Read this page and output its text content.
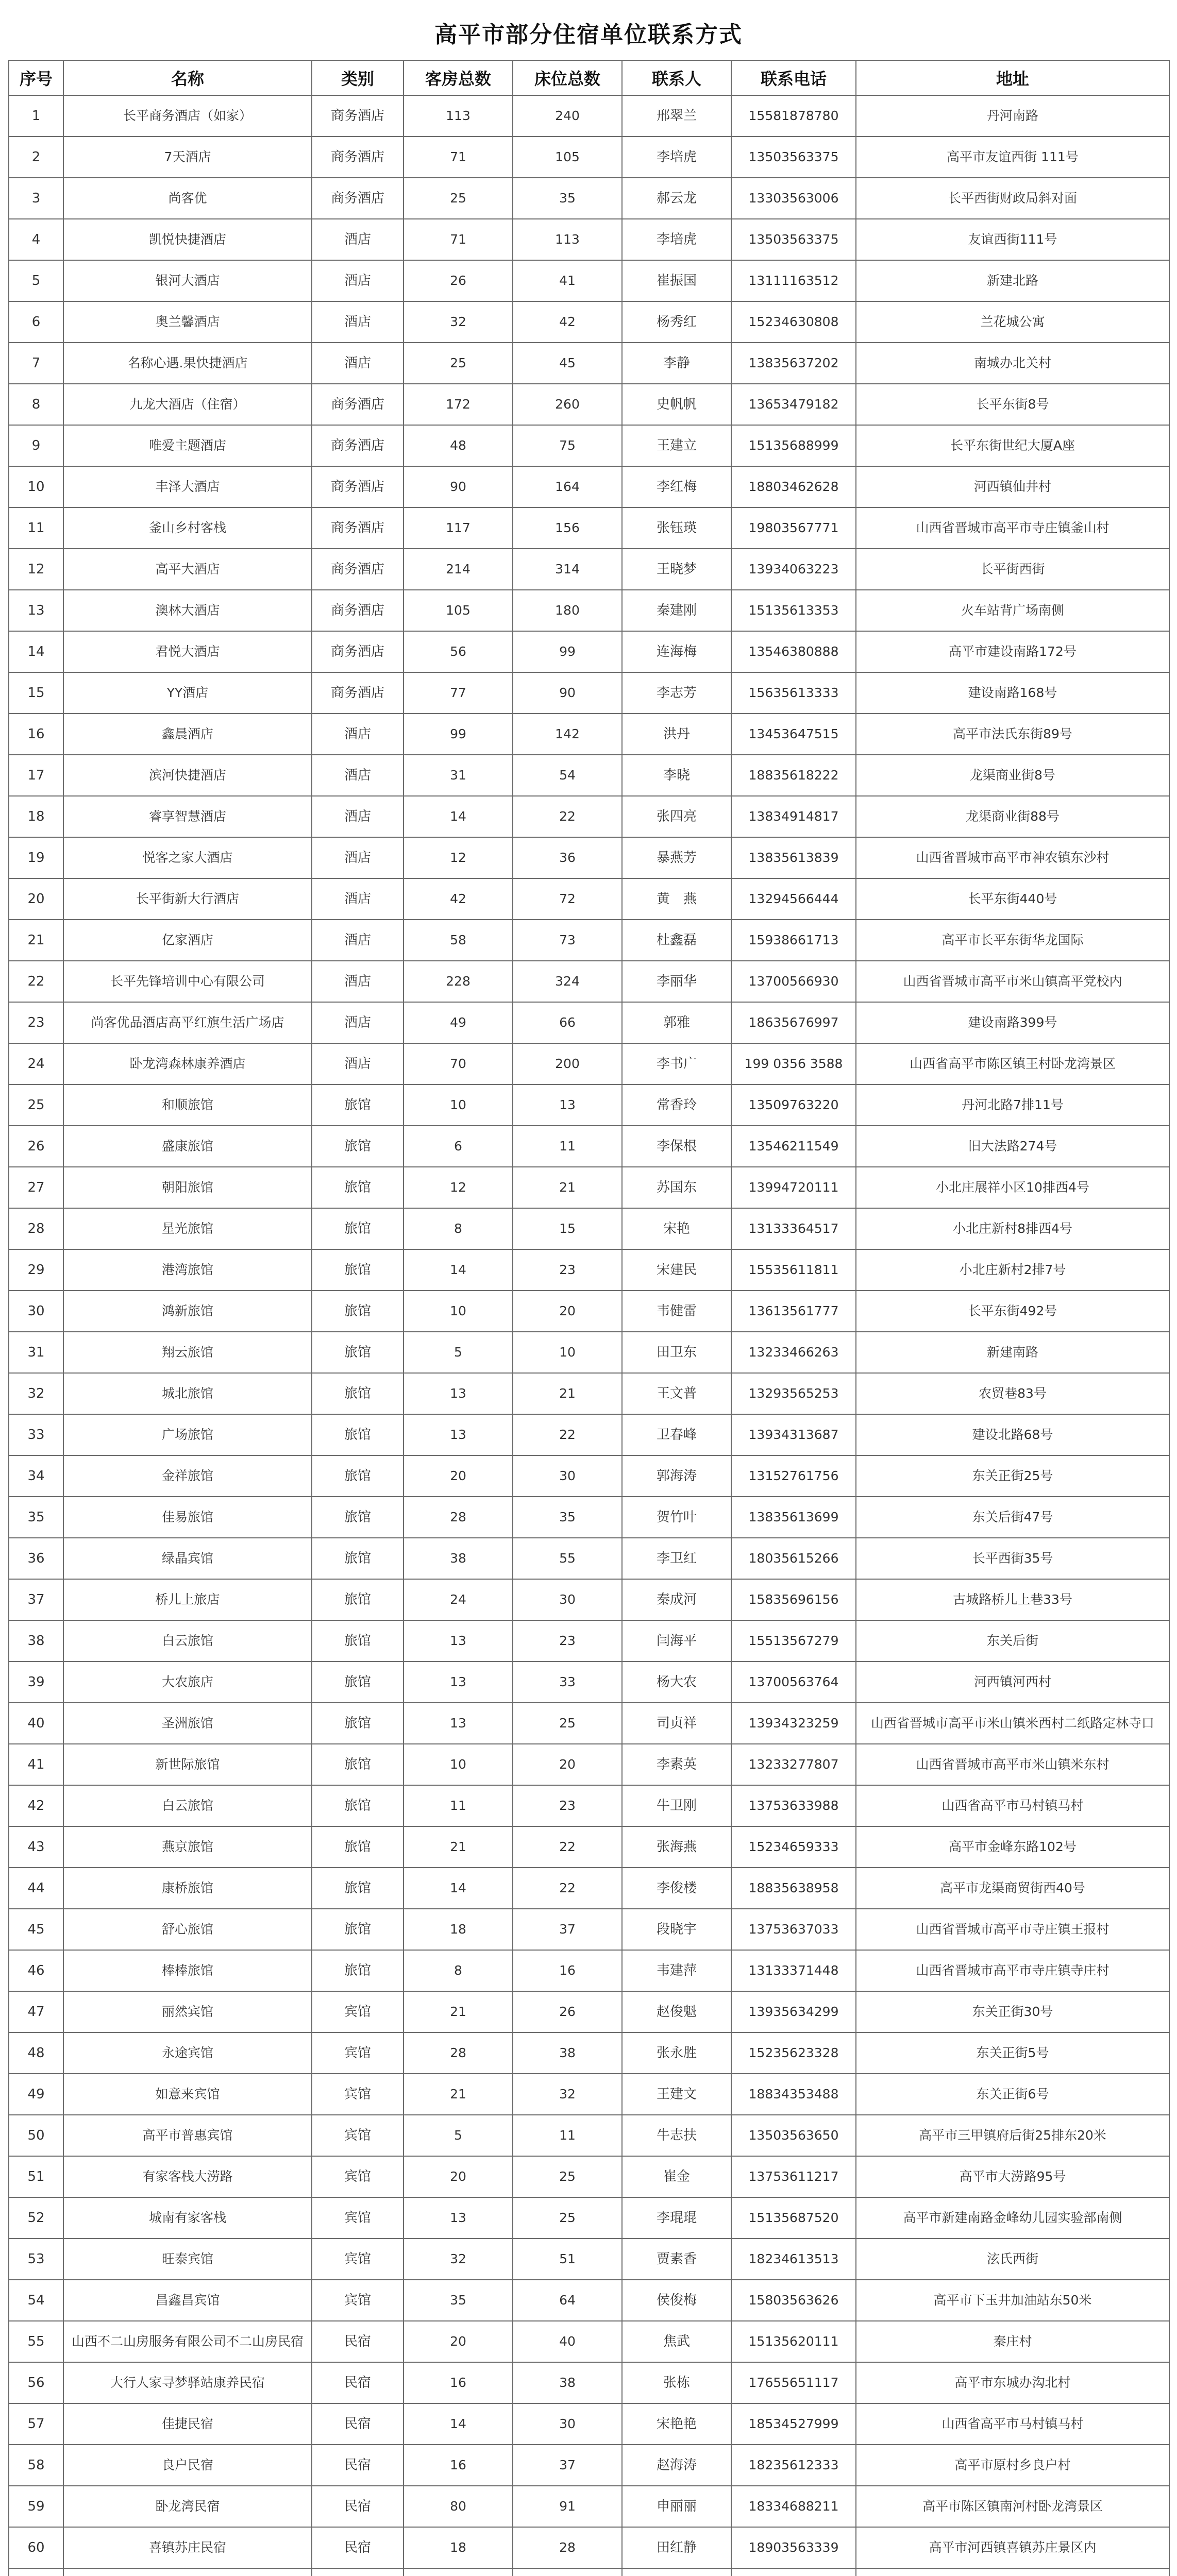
高平市部分住宿单位联系方式
序号	名称	类别	客房总数	床位总数	联系人	联系电话	地址
1	长平商务酒店（如家）	商务酒店	113	240	邢翠兰	15581878780	丹河南路
2	7天酒店	商务酒店	71	105	李培虎	13503563375	高平市友谊西街 111号
3	尚客优	商务酒店	25	35	郝云龙	13303563006	长平西街财政局斜对面
4	凯悦快捷酒店	酒店	71	113	李培虎	13503563375	友谊西街111号
5	银河大酒店	酒店	26	41	崔振国	13111163512	新建北路
6	奥兰馨酒店	酒店	32	42	杨秀红	15234630808	兰花城公寓
7	名称心遇.果快捷酒店	酒店	25	45	李静	13835637202	南城办北关村
8	九龙大酒店（住宿）	商务酒店	172	260	史帆帆	13653479182	长平东街8号
9	唯爱主题酒店	商务酒店	48	75	王建立	15135688999	长平东街世纪大厦A座
10	丰泽大酒店	商务酒店	90	164	李红梅	18803462628	河西镇仙井村
11	釜山乡村客栈	商务酒店	117	156	张钰瑛	19803567771	山西省晋城市高平市寺庄镇釜山村
12	高平大酒店	商务酒店	214	314	王晓梦	13934063223	长平街西街
13	澳林大酒店	商务酒店	105	180	秦建刚	15135613353	火车站背广场南侧
14	君悦大酒店	商务酒店	56	99	连海梅	13546380888	高平市建设南路172号
15	YY酒店	商务酒店	77	90	李志芳	15635613333	建设南路168号
16	鑫晨酒店	酒店	99	142	洪丹	13453647515	高平市法氏东街89号
17	滨河快捷酒店	酒店	31	54	李晓	18835618222	龙渠商业街8号
18	睿享智慧酒店	酒店	14	22	张四亮	13834914817	龙渠商业街88号
19	悦客之家大酒店	酒店	12	36	暴燕芳	13835613839	山西省晋城市高平市神农镇东沙村
20	长平街新大行酒店	酒店	42	72	黄　燕	13294566444	长平东街440号
21	亿家酒店	酒店	58	73	杜鑫磊	15938661713	高平市长平东街华龙国际
22	长平先锋培训中心有限公司	酒店	228	324	李丽华	13700566930	山西省晋城市高平市米山镇高平党校内
23	尚客优品酒店高平红旗生活广场店	酒店	49	66	郭雅	18635676997	建设南路399号
24	卧龙湾森林康养酒店	酒店	70	200	李书广	199 0356 3588	山西省高平市陈区镇王村卧龙湾景区
25	和顺旅馆	旅馆	10	13	常香玲	13509763220	丹河北路7排11号
26	盛康旅馆	旅馆	6	11	李保根	13546211549	旧大法路274号
27	朝阳旅馆	旅馆	12	21	苏国东	13994720111	小北庄展祥小区10排西4号
28	星光旅馆	旅馆	8	15	宋艳	13133364517	小北庄新村8排西4号
29	港湾旅馆	旅馆	14	23	宋建民	15535611811	小北庄新村2排7号
30	鸿新旅馆	旅馆	10	20	韦健雷	13613561777	长平东街492号
31	翔云旅馆	旅馆	5	10	田卫东	13233466263	新建南路
32	城北旅馆	旅馆	13	21	王文普	13293565253	农贸巷83号
33	广场旅馆	旅馆	13	22	卫春峰	13934313687	建设北路68号
34	金祥旅馆	旅馆	20	30	郭海涛	13152761756	东关正街25号
35	佳易旅馆	旅馆	28	35	贺竹叶	13835613699	东关后街47号
36	绿晶宾馆	旅馆	38	55	李卫红	18035615266	长平西街35号
37	桥儿上旅店	旅馆	24	30	秦成河	15835696156	古城路桥儿上巷33号
38	白云旅馆	旅馆	13	23	闫海平	15513567279	东关后街
39	大农旅店	旅馆	13	33	杨大农	13700563764	河西镇河西村
40	圣洲旅馆	旅馆	13	25	司贞祥	13934323259	山西省晋城市高平市米山镇米西村二纸路定林寺口
41	新世际旅馆	旅馆	10	20	李素英	13233277807	山西省晋城市高平市米山镇米东村
42	白云旅馆	旅馆	11	23	牛卫刚	13753633988	山西省高平市马村镇马村
43	燕京旅馆	旅馆	21	22	张海燕	15234659333	高平市金峰东路102号
44	康桥旅馆	旅馆	14	22	李俊楼	18835638958	高平市龙渠商贸街西40号
45	舒心旅馆	旅馆	18	37	段晓宇	13753637033	山西省晋城市高平市寺庄镇王报村
46	棒棒旅馆	旅馆	8	16	韦建萍	13133371448	山西省晋城市高平市寺庄镇寺庄村
47	丽然宾馆	宾馆	21	26	赵俊魁	13935634299	东关正街30号
48	永途宾馆	宾馆	28	38	张永胜	15235623328	东关正街5号
49	如意来宾馆	宾馆	21	32	王建文	18834353488	东关正街6号
50	高平市普惠宾馆	宾馆	5	11	牛志扶	13503563650	高平市三甲镇府后街25排东20米
51	有家客栈大涝路	宾馆	20	25	崔金	13753611217	高平市大涝路95号
52	城南有家客栈	宾馆	13	25	李琨琨	15135687520	高平市新建南路金峰幼儿园实验部南侧
53	旺泰宾馆	宾馆	32	51	贾素香	18234613513	泫氏西街
54	昌鑫昌宾馆	宾馆	35	64	侯俊梅	15803563626	高平市下玉井加油站东50米
55	山西不二山房服务有限公司不二山房民宿	民宿	20	40	焦武	15135620111	秦庄村
56	大行人家寻梦驿站康养民宿	民宿	16	38	张栋	17655651117	高平市东城办沟北村
57	佳捷民宿	民宿	14	30	宋艳艳	18534527999	山西省高平市马村镇马村
58	良户民宿	民宿	16	37	赵海涛	18235612333	高平市原村乡良户村
59	卧龙湾民宿	民宿	80	91	申丽丽	18334688211	高平市陈区镇南河村卧龙湾景区
60	喜镇苏庄民宿	民宿	18	28	田红静	18903563339	高平市河西镇喜镇苏庄景区内
